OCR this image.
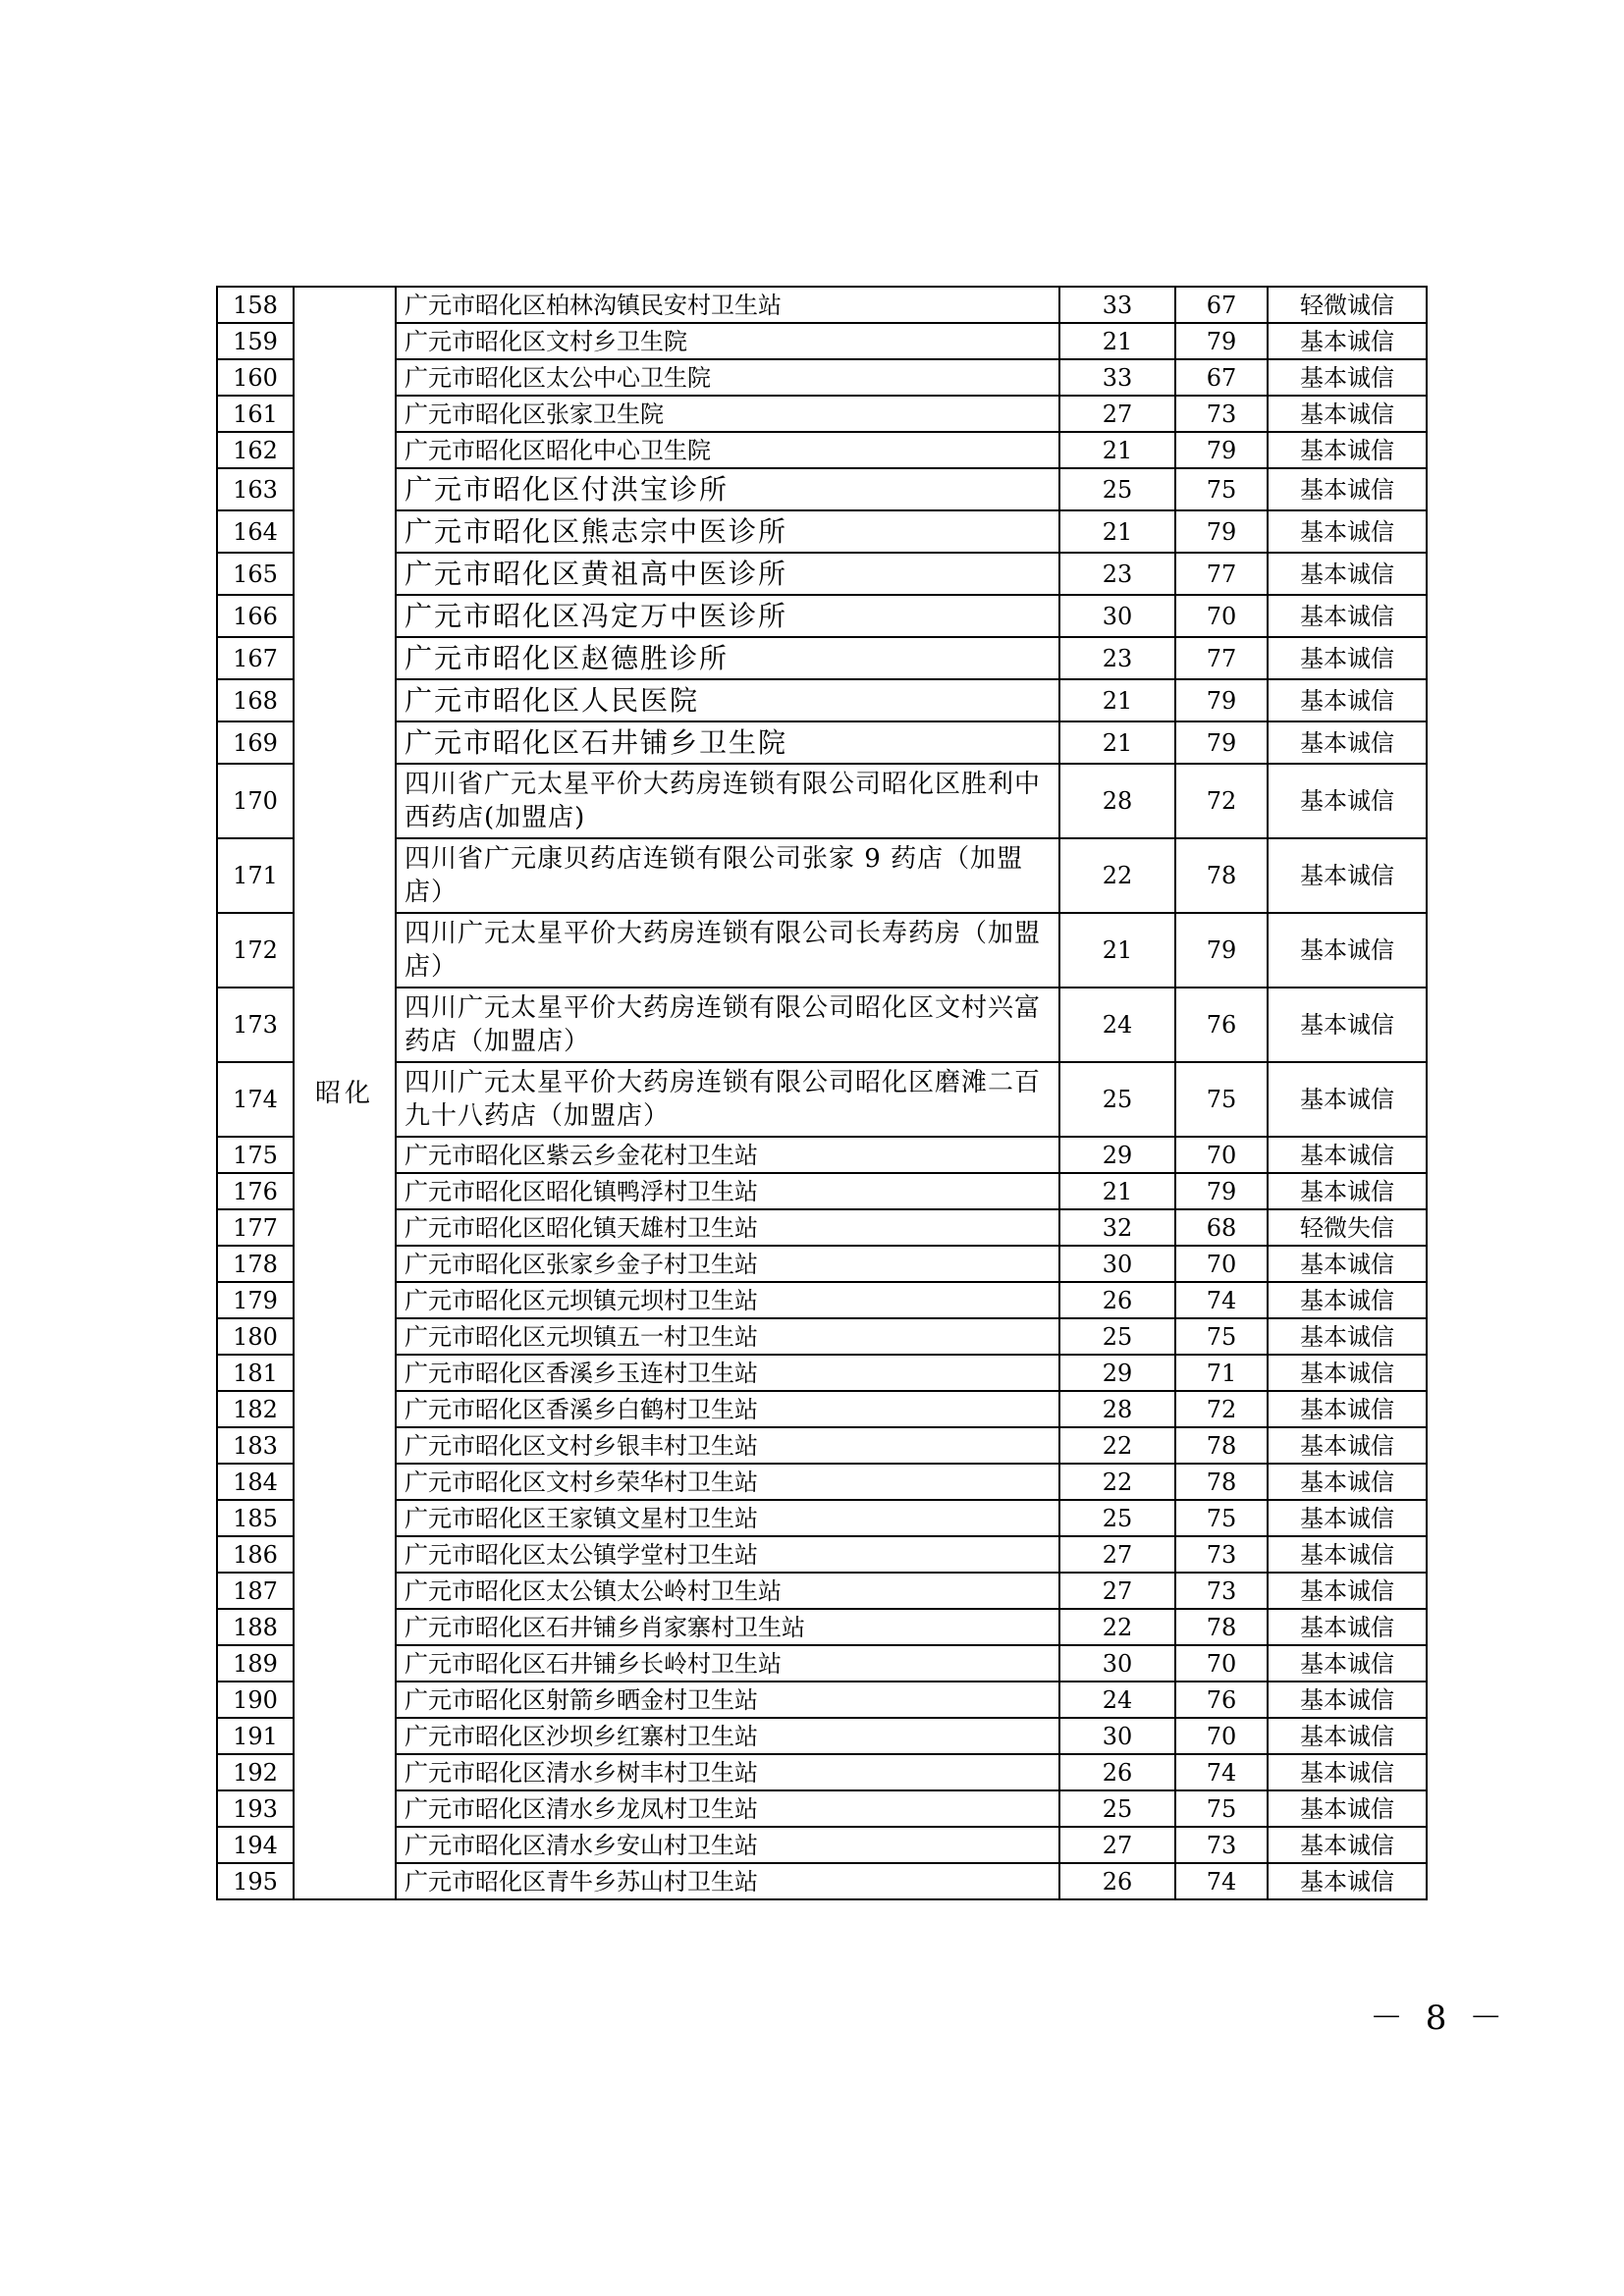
158	昭化	广元市昭化区柏林沟镇民安村卫生站	33	67	轻微诚信
159		广元市昭化区文村乡卫生院	21	79	基本诚信
160		广元市昭化区太公中心卫生院	33	67	基本诚信
161		广元市昭化区张家卫生院	27	73	基本诚信
162		广元市昭化区昭化中心卫生院	21	79	基本诚信
163		广元市昭化区付洪宝诊所	25	75	基本诚信
164		广元市昭化区熊志宗中医诊所	21	79	基本诚信
165		广元市昭化区黄祖高中医诊所	23	77	基本诚信
166		广元市昭化区冯定万中医诊所	30	70	基本诚信
167		广元市昭化区赵德胜诊所	23	77	基本诚信
168		广元市昭化区人民医院	21	79	基本诚信
169		广元市昭化区石井铺乡卫生院	21	79	基本诚信
170		四川省广元太星平价大药房连锁有限公司昭化区胜利中西药店(加盟店)	28	72	基本诚信
171		四川省广元康贝药店连锁有限公司张家 9 药店（加盟店）	22	78	基本诚信
172		四川广元太星平价大药房连锁有限公司长寿药房（加盟店）	21	79	基本诚信
173		四川广元太星平价大药房连锁有限公司昭化区文村兴富药店（加盟店）	24	76	基本诚信
174		四川广元太星平价大药房连锁有限公司昭化区磨滩二百九十八药店（加盟店）	25	75	基本诚信
175		广元市昭化区紫云乡金花村卫生站	29	70	基本诚信
176		广元市昭化区昭化镇鸭浮村卫生站	21	79	基本诚信
177		广元市昭化区昭化镇天雄村卫生站	32	68	轻微失信
178		广元市昭化区张家乡金子村卫生站	30	70	基本诚信
179		广元市昭化区元坝镇元坝村卫生站	26	74	基本诚信
180		广元市昭化区元坝镇五一村卫生站	25	75	基本诚信
181		广元市昭化区香溪乡玉连村卫生站	29	71	基本诚信
182		广元市昭化区香溪乡白鹤村卫生站	28	72	基本诚信
183		广元市昭化区文村乡银丰村卫生站	22	78	基本诚信
184		广元市昭化区文村乡荣华村卫生站	22	78	基本诚信
185		广元市昭化区王家镇文星村卫生站	25	75	基本诚信
186		广元市昭化区太公镇学堂村卫生站	27	73	基本诚信
187		广元市昭化区太公镇太公岭村卫生站	27	73	基本诚信
188		广元市昭化区石井铺乡肖家寨村卫生站	22	78	基本诚信
189		广元市昭化区石井铺乡长岭村卫生站	30	70	基本诚信
190		广元市昭化区射箭乡晒金村卫生站	24	76	基本诚信
191		广元市昭化区沙坝乡红寨村卫生站	30	70	基本诚信
192		广元市昭化区清水乡树丰村卫生站	26	74	基本诚信
193		广元市昭化区清水乡龙凤村卫生站	25	75	基本诚信
194		广元市昭化区清水乡安山村卫生站	27	73	基本诚信
195		广元市昭化区青牛乡苏山村卫生站	26	74	基本诚信
－ 8 －
